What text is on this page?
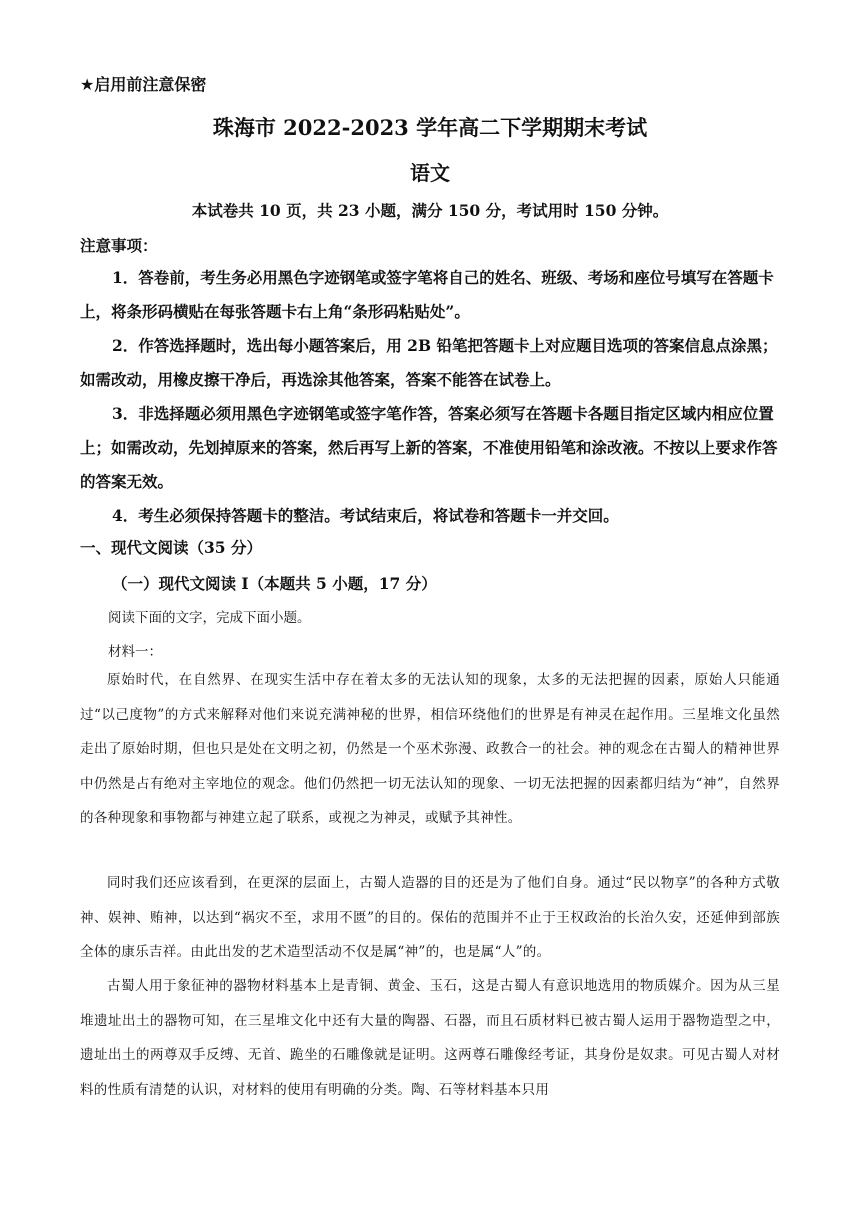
★启用前注意保密
珠海市 2022-2023 学年高二下学期期末考试
语文
本试卷共 10 页，共 23 小题，满分 150 分，考试用时 150 分钟。
注意事项：
1．答卷前，考生务必用黑色字迹钢笔或签字笔将自己的姓名、班级、考场和座位号填写在答题卡上，将条形码横贴在每张答题卡右上角“条形码粘贴处”。
2．作答选择题时，选出每小题答案后，用 2B 铅笔把答题卡上对应题目选项的答案信息点涂黑；如需改动，用橡皮擦干净后，再选涂其他答案，答案不能答在试卷上。
3．非选择题必须用黑色字迹钢笔或签字笔作答，答案必须写在答题卡各题目指定区域内相应位置上；如需改动，先划掉原来的答案，然后再写上新的答案，不准使用铅笔和涂改液。不按以上要求作答的答案无效。
4．考生必须保持答题卡的整洁。考试结束后，将试卷和答题卡一并交回。
一、现代文阅读（35 分）
（一）现代文阅读 I（本题共 5 小题，17 分）
阅读下面的文字，完成下面小题。
材料一：
原始时代，在自然界、在现实生活中存在着太多的无法认知的现象，太多的无法把握的因素，原始人只能通过“以己度物”的方式来解释对他们来说充满神秘的世界，相信环绕他们的世界是有神灵在起作用。三星堆文化虽然走出了原始时期，但也只是处在文明之初，仍然是一个巫术弥漫、政教合一的社会。神的观念在古蜀人的精神世界中仍然是占有绝对主宰地位的观念。他们仍然把一切无法认知的现象、一切无法把握的因素都归结为“神”，自然界的各种现象和事物都与神建立起了联系，或视之为神灵，或赋予其神性。
同时我们还应该看到，在更深的层面上，古蜀人造器的目的还是为了他们自身。通过“民以物享”的各种方式敬神、娱神、贿神，以达到“祸灾不至，求用不匮”的目的。保佑的范围并不止于王权政治的长治久安，还延伸到部族全体的康乐吉祥。由此出发的艺术造型活动不仅是属“神”的，也是属“人”的。
古蜀人用于象征神的器物材料基本上是青铜、黄金、玉石，这是古蜀人有意识地选用的物质媒介。因为从三星堆遗址出土的器物可知，在三星堆文化中还有大量的陶器、石器，而且石质材料已被古蜀人运用于器物造型之中，遗址出土的两尊双手反缚、无首、跪坐的石雕像就是证明。这两尊石雕像经考证，其身份是奴隶。可见古蜀人对材料的性质有清楚的认识，对材料的使用有明确的分类。陶、石等材料基本只用
